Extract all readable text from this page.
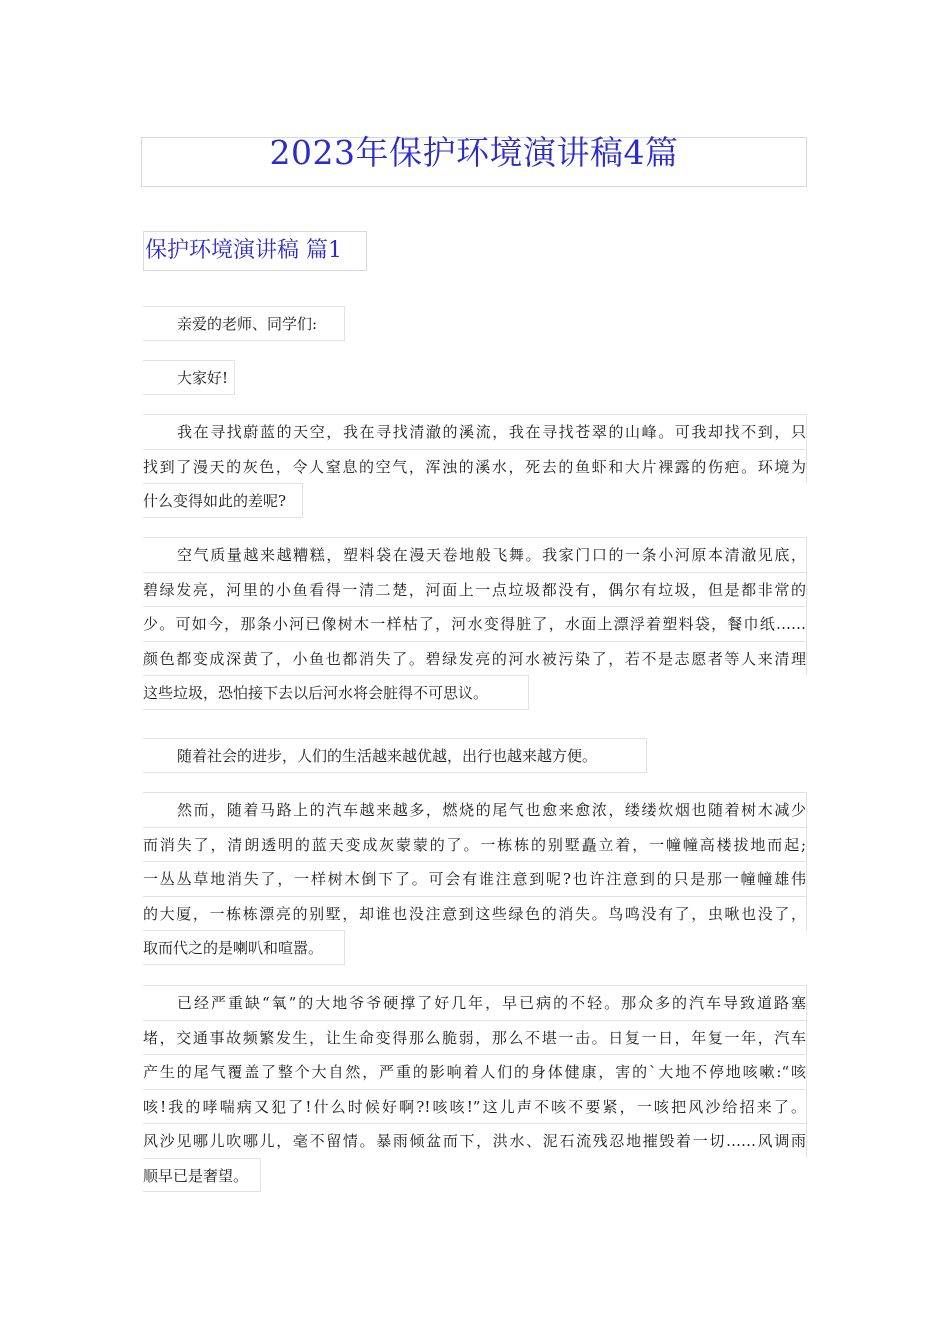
2023年保护环境演讲稿4篇
保护环境演讲稿 篇1
亲爱的老师、同学们:
大家好!
我在寻找蔚蓝的天空，我在寻找清澈的溪流，我在寻找苍翠的山峰。可我却找不到，只
找到了漫天的灰色，令人窒息的空气，浑浊的溪水，死去的鱼虾和大片裸露的伤疤。环境为
什么变得如此的差呢?
空气质量越来越糟糕，塑料袋在漫天卷地般飞舞。我家门口的一条小河原本清澈见底，
碧绿发亮，河里的小鱼看得一清二楚，河面上一点垃圾都没有，偶尔有垃圾，但是都非常的
少。可如今，那条小河已像树木一样枯了，河水变得脏了，水面上漂浮着塑料袋，餐巾纸……
颜色都变成深黄了，小鱼也都消失了。碧绿发亮的河水被污染了，若不是志愿者等人来清理
这些垃圾，恐怕接下去以后河水将会脏得不可思议。
随着社会的进步，人们的生活越来越优越，出行也越来越方便。
然而，随着马路上的汽车越来越多，燃烧的尾气也愈来愈浓，缕缕炊烟也随着树木减少
而消失了，清朗透明的蓝天变成灰蒙蒙的了。一栋栋的别墅矗立着，一幢幢高楼拔地而起;
一丛丛草地消失了，一样树木倒下了。可会有谁注意到呢?也许注意到的只是那一幢幢雄伟
的大厦，一栋栋漂亮的别墅，却谁也没注意到这些绿色的消失。鸟鸣没有了，虫啾也没了，
取而代之的是喇叭和喧嚣。
已经严重缺“氧”的大地爷爷硬撑了好几年，早已病的不轻。那众多的汽车导致道路塞
堵，交通事故频繁发生，让生命变得那么脆弱，那么不堪一击。日复一日，年复一年，汽车
产生的尾气覆盖了整个大自然，严重的影响着人们的身体健康，害的`大地不停地咳嗽:“咳
咳!我的哮喘病又犯了!什么时候好啊?!咳咳!”这儿声不咳不要紧，一咳把风沙给招来了。
风沙见哪儿吹哪儿，毫不留情。暴雨倾盆而下，洪水、泥石流残忍地摧毁着一切……风调雨
顺早已是奢望。
